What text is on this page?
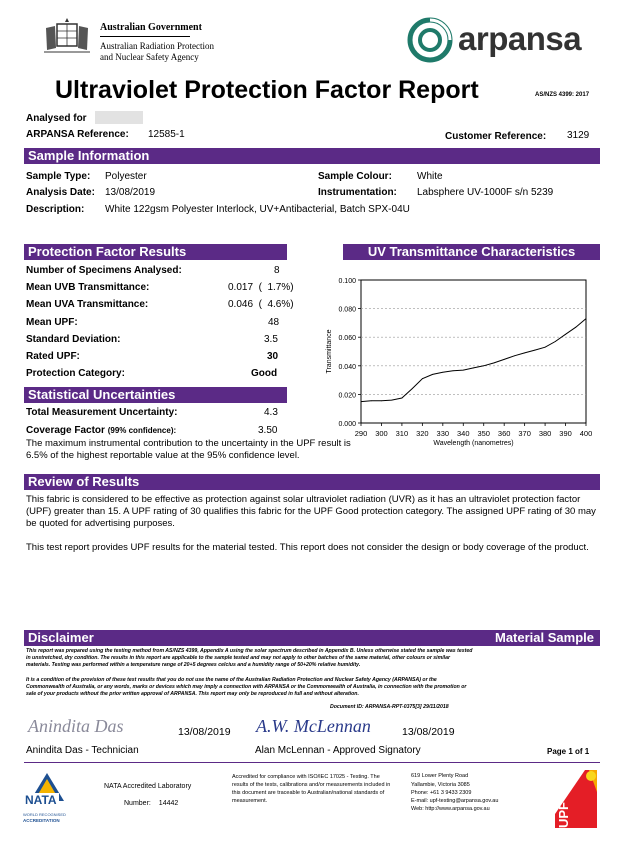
Australian Government
Australian Radiation Protection
and Nuclear Safety Agency	arpansa
Ultraviolet Protection Factor Report	AS/NZS 4399: 2017
Analysed for
ARPANSA Reference: 12585-1	Customer Reference: 3129
Sample Information
Sample Type: Polyester	Sample Colour:	White
Analysis Date: 13/08/2019	Instrumentation: Labsphere UV-1000F s/n 5239
Description: White 122gsm Polyester Interlock, UV+Antibacterial, Batch SPX-04U
Protection Factor Results
Number of Specimens Analysed:	8
Mean UVB Transmittance:	0.017  (  1.7%)
Mean UVA Transmittance:	0.046  (  4.6%)
Mean UPF:	48
Standard Deviation:	3.5
Rated UPF:	30
Protection Category:	Good
Statistical Uncertainties
Total Measurement Uncertainty:	4.3
Coverage Factor (99% confidence):	3.50
The maximum instrumental contribution to the uncertainty in the UPF result is 6.5% of the highest reportable value at the 95% confidence level.
UV Transmittance Characteristics
0.000
0.020
0.040
0.060
0.080
0.100
290 300 310 320 330 340 350 360 370 380 390 400
Wavelength (nanometres)
Transmittance
Review of Results
This fabric is considered to be effective as protection against solar ultraviolet radiation (UVR) as it has an ultraviolet protection factor (UPF) greater than 15. A UPF rating of 30 qualifies this fabric for the UPF Good protection category. The assigned UPF rating of 30 may be quoted for advertising purposes.
This test report provides UPF results for the material tested. This report does not consider the design or body coverage of the product.
Disclaimer	Material Sample
This report was prepared using the testing method from AS/NZS 4399, Appendix A using the solar spectrum described in Appendix B. Unless otherwise stated the sample was tested in unstretched, dry condition. The results in this report are applicable to the sample tested and may not apply to other batches of the same material, other colours or similar materials. Testing was performed within a temperature range of 20+5 degrees celcius and a humidity range of 50+20% relative humidity.
It is a condition of the provision of these test results that you do not use the name of the Australian Radiation Protection and Nuclear Safety Agency (ARPANSA) or the Commonwealth of Australia, or any words, marks or devices which may imply a connection with ARPANSA or the Commonwealth of Australia, in connection with the promotion or sale of your products without the prior written approval of ARPANSA. This report may only be reproduced in full and without alteration.
Document ID: ARPANSA-RPT-0375[3] 29/11/2018
Anindita Das	13/08/2019
Anindita Das - Technician
A.W. McLennan	13/08/2019
Alan McLennan - Approved Signatory	Page 1 of 1
NATA
WORLD RECOGNISED
ACCREDITATION
NATA Accredited Laboratory
Number: 14442
Accredited for compliance with ISO/IEC 17025 - Testing. The results of the tests, calibrations and/or measurements included in this document are traceable to Australian/national standards of measurement.
619 Lower Plenty Road
Yallambie, Victoria 3085
Phone: +61 3 9433 2309
E-mail: upf-testing@arpansa.gov.au
Web: http://www.arpansa.gov.au	UPF
